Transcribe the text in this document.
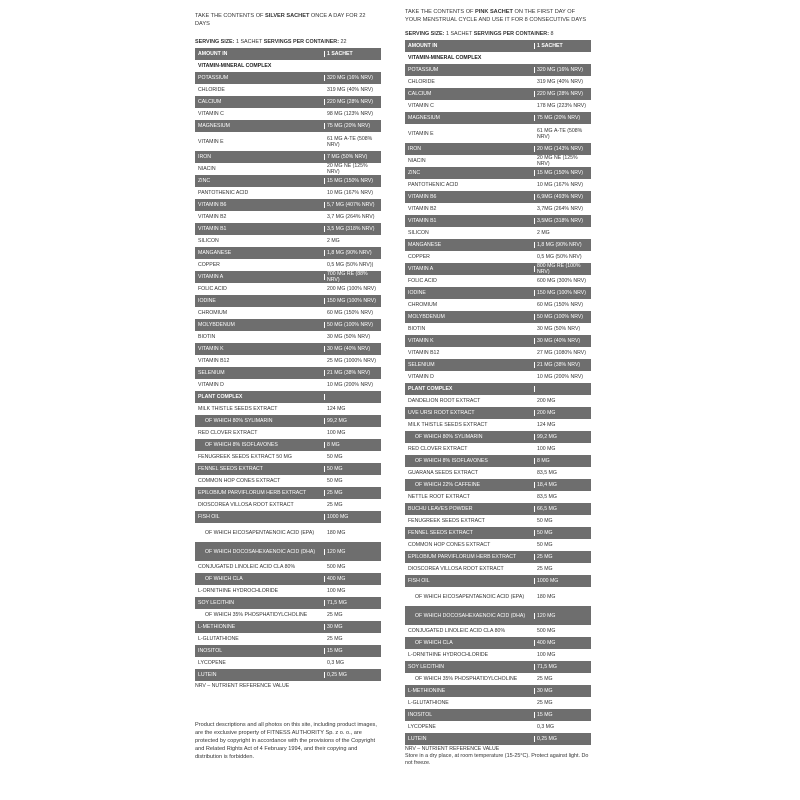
TAKE THE CONTENTS OF SILVER SACHET ONCE A DAY FOR 22 DAYS
SERVING SIZE: 1 SACHET SERVINGS PER CONTAINER: 22
AMOUNT IN	1 SACHET
VITAMIN-MINERAL COMPLEX
POTASSIUM	320 MG (16% NRV)
CHLORIDE	319 MG (40% NRV)
CALCIUM	220 MG (28% NRV)
VITAMIN C	98 MG (123% NRV)
MAGNESIUM	75 MG (20% NRV)
VITAMIN E	61 MG Α-TE (508% NRV)
IRON	7 MG (50% NRV)
NIACIN	20 MG NE (125% NRV)
ZINC	15 MG (150% NRV)
PANTOTHENIC ACID	10 MG (167% NRV)
VITAMIN B6	5,7 MG (407% NRV)
VITAMIN B2	3,7 MG (264% NRV)
VITAMIN B1	3,5 MG (318% NRV)
SILICON	2 MG
MANGANESE	1,8 MG (90% NRV)
COPPER	0,5 MG (50% NRV))
VITAMIN A	700 ΜG RE (88% NRV)
FOLIC ACID	200 ΜG (100% NRV)
IODINE	150 ΜG (100% NRV)
CHROMIUM	60 ΜG (150% NRV)
MOLYBDENUM	50 ΜG (100% NRV)
BIOTIN	30 ΜG (50% NRV)
VITAMIN K	30 ΜG (40% NRV)
VITAMIN B12	25 ΜG (1000% NRV)
SELENIUM	21 ΜG (38% NRV)
VITAMIN D	10 ΜG (200% NRV)
PLANT COMPLEX
MILK THISTLE SEEDS EXTRACT	124 MG
OF WHICH 80% SYLIMARIN	99,2 MG
RED CLOVER EXTRACT	100 MG
OF WHICH 8% ISOFLAVONES	8 MG
FENUGREEK SEEDS EXTRACT 50 MG	50 MG
FENNEL SEEDS EXTRACT	50 MG
COMMON HOP CONES EXTRACT	50 MG
EPILOBIUM PARVIFLORUM HERB EXTRACT	25 MG
DIOSCOREA VILLOSA ROOT EXTRACT	25 MG
FISH OIL	1000 MG
OF WHICH EICOSAPENTAENOIC ACID (EPA)	180 MG
OF WHICH DOCOSAHEXAENOIC ACID (DHA)	120 MG
CONJUGATED LINOLEIC ACID CLA 80%	500 MG
OF WHICH CLA	400 MG
L-ORNITHINE HYDROCHLORIDE	100 MG
SOY LECITHIN	71,5 MG
OF WHICH 35% PHOSPHATIDYLCHOLINE	25 MG
L-METHIONINE	30 MG
L-GLUTATHIONE	25 MG
INOSITOL	15 MG
LYCOPENE	0,3 MG
LUTEIN	0,25 MG
NRV – NUTRIENT REFERENCE VALUE
TAKE THE CONTENTS OF PINK SACHET ON THE FIRST DAY OF YOUR MENSTRUAL CYCLE AND USE IT FOR 8 CONSECUTIVE DAYS
SERVING SIZE: 1 SACHET SERVINGS PER CONTAINER: 8
AMOUNT IN	1 SACHET
VITAMIN-MINERAL COMPLEX
POTASSIUM	320 MG (16% NRV)
CHLORIDE	319 MG (40% NRV)
CALCIUM	220 MG (28% NRV)
VITAMIN C	178 MG (223% NRV)
MAGNESIUM	75 MG (20% NRV)
VITAMIN E	61 MG Α-TE (508% NRV)
IRON	20 MG (143% NRV)
NIACIN	20 MG NE (125% NRV)
ZINC	15 MG (150% NRV)
PANTOTHENIC ACID	10 MG (167% NRV)
VITAMIN B6	6,9MG (493% NRV)
VITAMIN B2	3,7MG (264% NRV)
VITAMIN B1	3,5MG (318% NRV)
SILICON	2 MG
MANGANESE	1,8 MG (90% NRV)
COPPER	0,5 MG (50% NRV)
VITAMIN A	800 ΜG RE (100% NRV)
FOLIC ACID	600 ΜG (300% NRV)
IODINE	150 ΜG (100% NRV)
CHROMIUM	60 ΜG (150% NRV)
MOLYBDENUM	50 ΜG (100% NRV)
BIOTIN	30 ΜG (50% NRV)
VITAMIN K	30 ΜG (40% NRV)
VITAMIN B12	27 ΜG (1080% NRV)
SELENIUM	21 ΜG (38% NRV)
VITAMIN D	10 ΜG (200% NRV)
PLANT COMPLEX
DANDELION ROOT EXTRACT	200 MG
UVE URSI ROOT EXTRACT	200 MG
MILK THISTLE SEEDS EXTRACT	124 MG
OF WHICH 80% SYLIMARIN	99,2 MG
RED CLOVER EXTRACT	100 MG
OF WHICH 8% ISOFLAVONES	8 MG
GUARANA SEEDS EXTRACT	83,5 MG
OF WHICH 22% CAFFEINE	18,4 MG
NETTLE ROOT EXTRACT	83,5 MG
BUCHU LEAVES POWDER	66,5 MG
FENUGREEK SEEDS EXTRACT	50 MG
FENNEL SEEDS EXTRACT	50 MG
COMMON HOP CONES EXTRACT	50 MG
EPILOBIUM PARVIFLORUM HERB EXTRACT	25 MG
DIOSCOREA VILLOSA ROOT EXTRACT	25 MG
FISH OIL	1000 MG
OF WHICH EICOSAPENTAENOIC ACID (EPA)	180 MG
OF WHICH DOCOSAHEXAENOIC ACID (DHA)	120 MG
CONJUGATED LINOLEIC ACID CLA 80%	500 MG
OF WHICH CLA	400 MG
L-ORNITHINE HYDROCHLORIDE	100 MG
SOY LECITHIN	71,5 MG
OF WHICH 35% PHOSPHATIDYLCHOLINE	25 MG
L-METHIONINE	30 MG
L-GLUTATHIONE	25 MG
INOSITOL	15 MG
LYCOPENE	0,3 MG
LUTEIN	0,25 MG
NRV – NUTRIENT REFERENCE VALUE
Store in a dry place, at room temperature (15-25°C). Protect against light. Do not freeze.
Product descriptions and all photos on this site, including product images, are the exclusive property of FITNESS AUTHORITY Sp. z o. o., are protected by copyright in accordance with the provisions of the Copyright and Related Rights Act of 4 February 1994, and their copying and distribution is forbidden.
